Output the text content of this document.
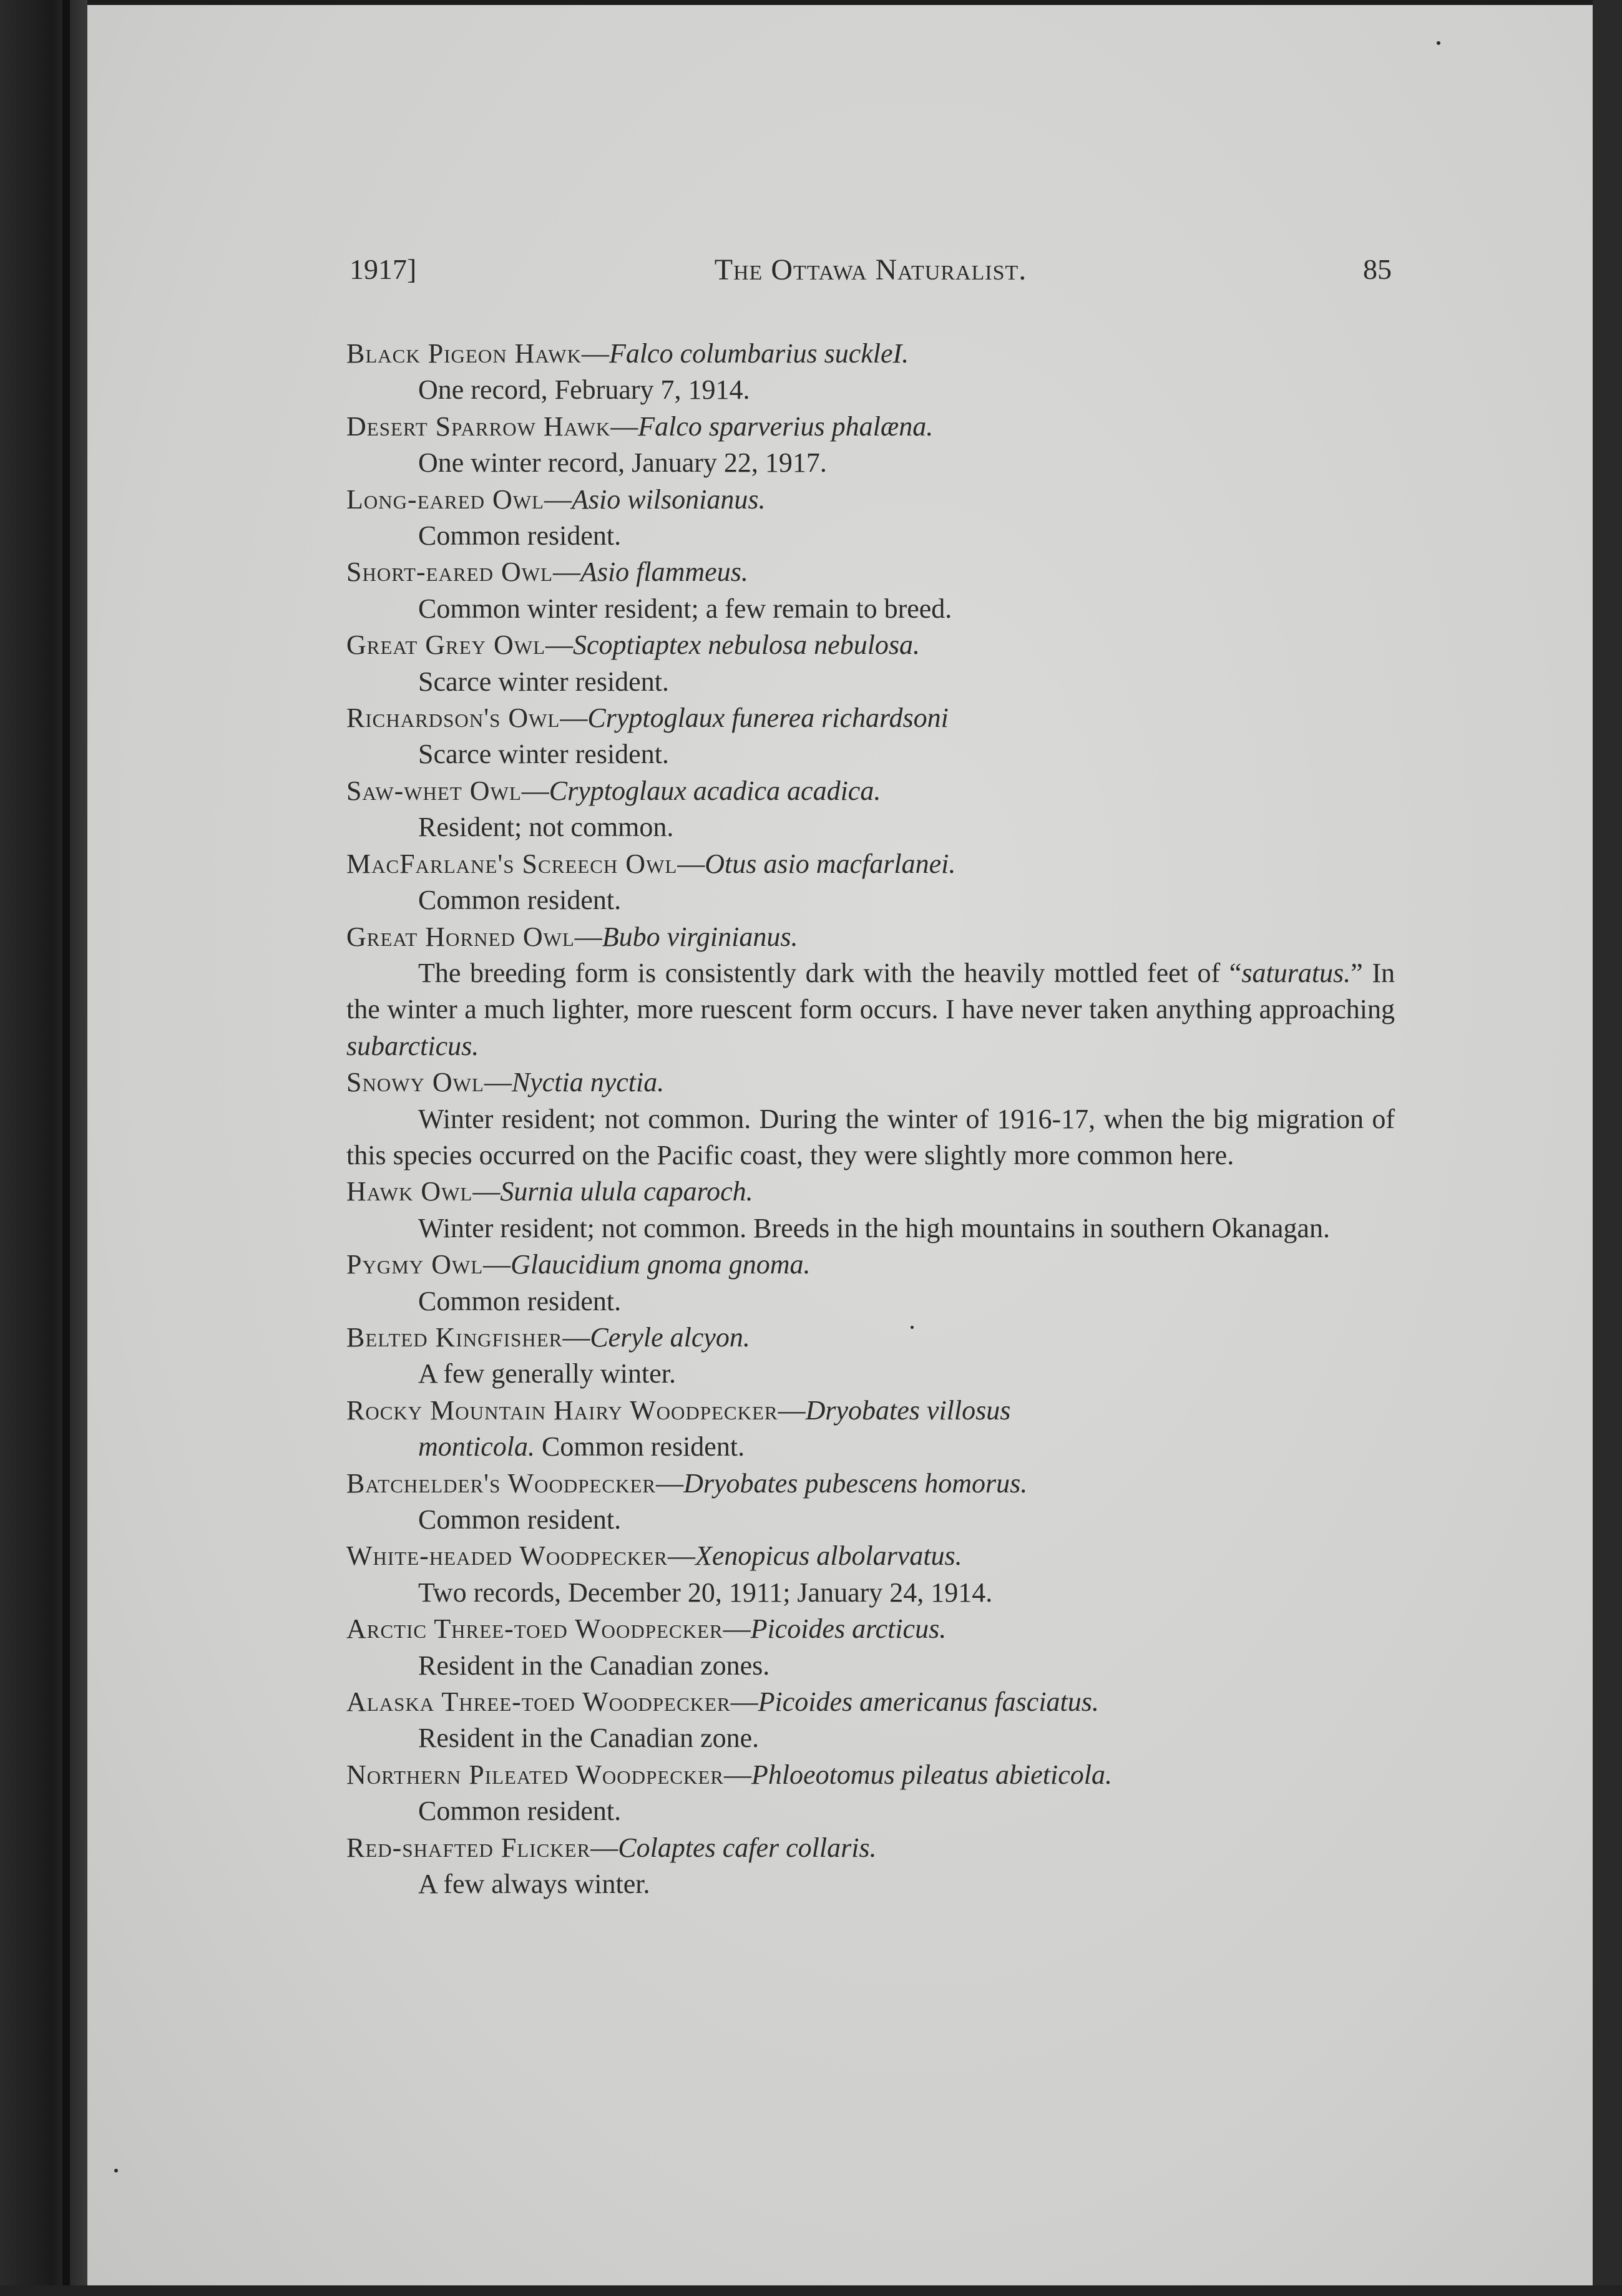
1917]	The Ottawa Naturalist.	85
Black Pigeon Hawk—Falco columbarius suckleI.
One record, February 7, 1914.
Desert Sparrow Hawk—Falco sparverius phalæna.
One winter record, January 22, 1917.
Long-eared Owl—Asio wilsonianus.
Common resident.
Short-eared Owl—Asio flammeus.
Common winter resident; a few remain to breed.
Great Grey Owl—Scoptiaptex nebulosa nebulosa.
Scarce winter resident.
Richardson's Owl—Cryptoglaux funerea richardsoni
Scarce winter resident.
Saw-whet Owl—Cryptoglaux acadica acadica.
Resident; not common.
MacFarlane's Screech Owl—Otus asio macfarlanei.
Common resident.
Great Horned Owl—Bubo virginianus.
The breeding form is consistently dark with the heavily mottled feet of “saturatus.” In the winter a much lighter, more ruescent form occurs. I have never taken anything approaching subarcticus.
Snowy Owl—Nyctia nyctia.
Winter resident; not common. During the winter of 1916-17, when the big migration of this species occurred on the Pacific coast, they were slightly more common here.
Hawk Owl—Surnia ulula caparoch.
Winter resident; not common. Breeds in the high mountains in southern Okanagan.
Pygmy Owl—Glaucidium gnoma gnoma.
Common resident.
Belted Kingfisher—Ceryle alcyon.
A few generally winter.
Rocky Mountain Hairy Woodpecker—Dryobates villosus
monticola. Common resident.
Batchelder's Woodpecker—Dryobates pubescens homorus.
Common resident.
White-headed Woodpecker—Xenopicus albolarvatus.
Two records, December 20, 1911; January 24, 1914.
Arctic Three-toed Woodpecker—Picoides arcticus.
Resident in the Canadian zones.
Alaska Three-toed Woodpecker—Picoides americanus fasciatus.
Resident in the Canadian zone.
Northern Pileated Woodpecker—Phloeotomus pileatus abieticola.
Common resident.
Red-shafted Flicker—Colaptes cafer collaris.
A few always winter.
